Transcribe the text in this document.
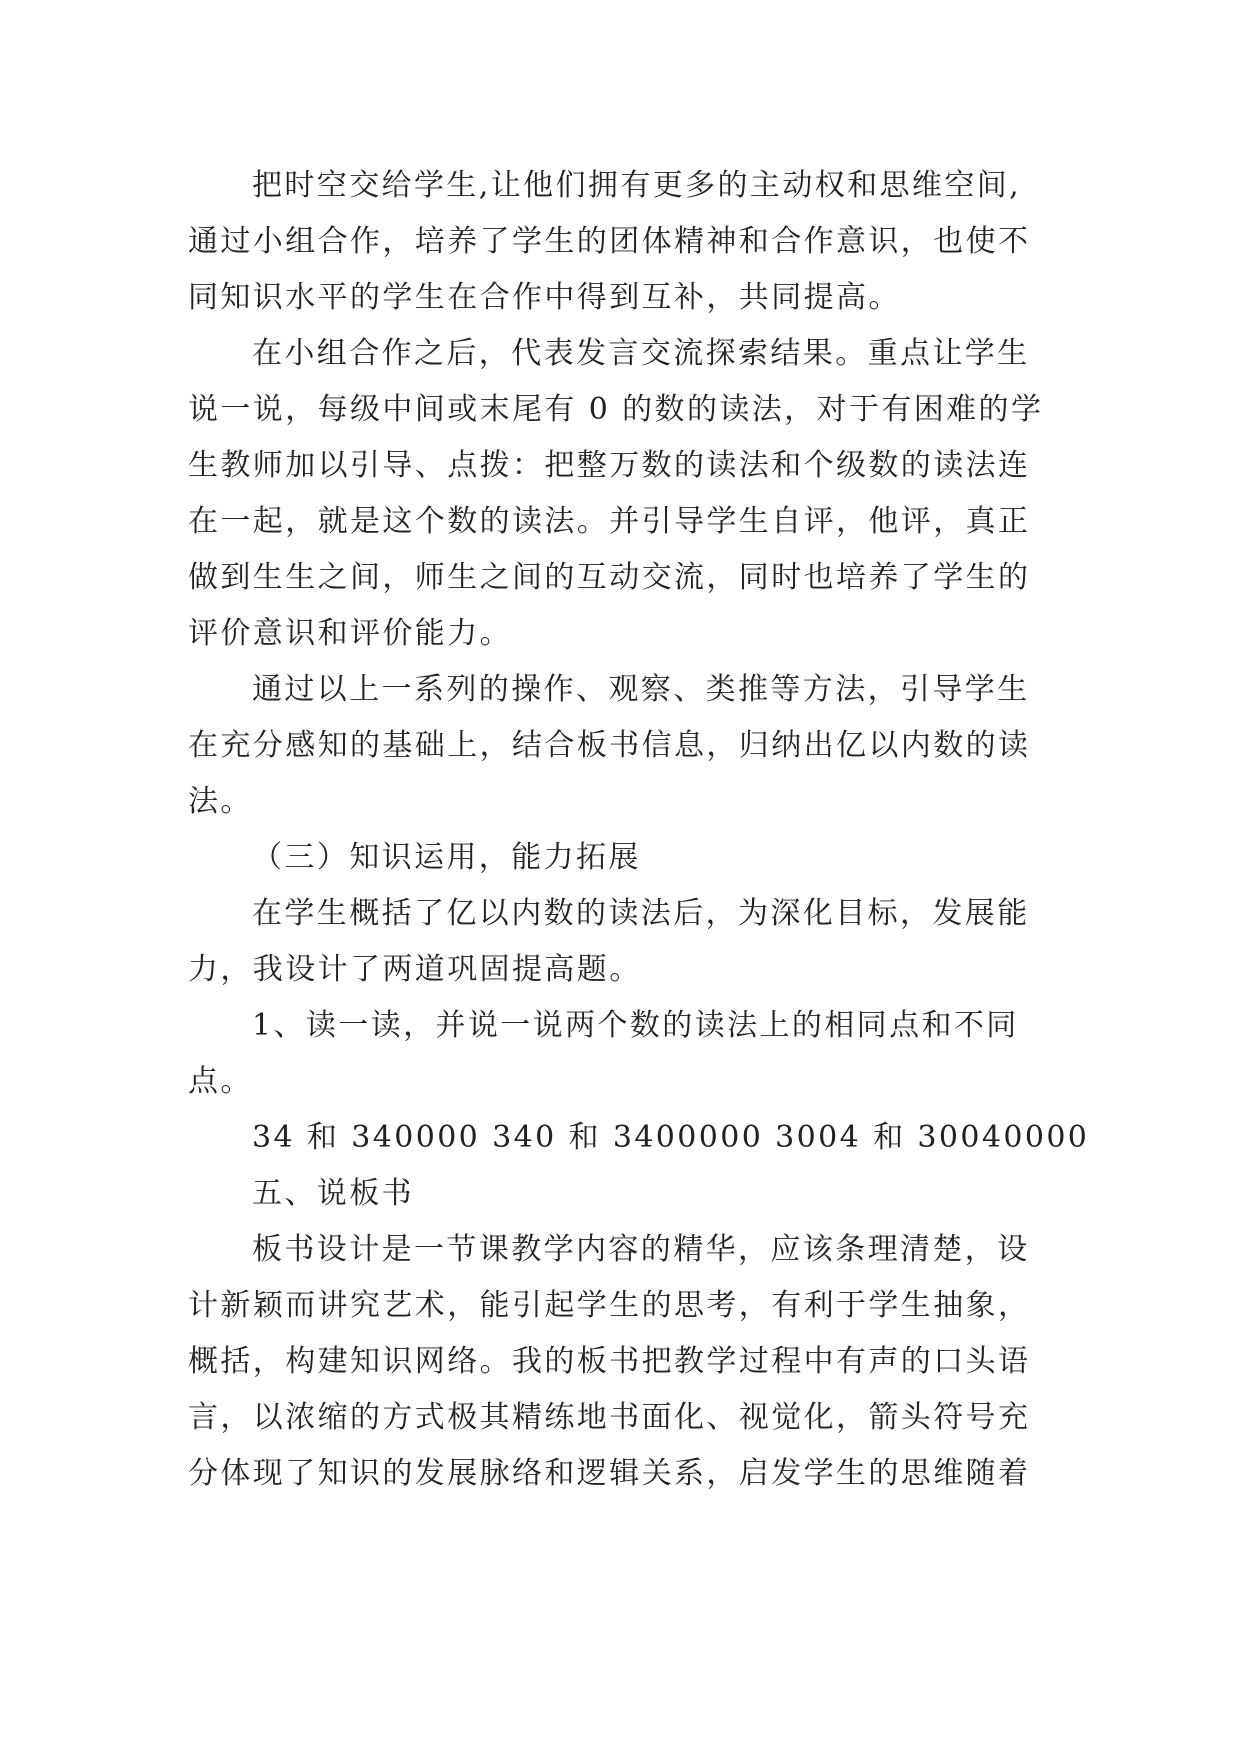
把时空交给学生,让他们拥有更多的主动权和思维空间,
通过小组合作，培养了学生的团体精神和合作意识，也使不
同知识水平的学生在合作中得到互补，共同提高。
在小组合作之后，代表发言交流探索结果。重点让学生
说一说，每级中间或末尾有 0 的数的读法，对于有困难的学
生教师加以引导、点拨：把整万数的读法和个级数的读法连
在一起，就是这个数的读法。并引导学生自评，他评，真正
做到生生之间，师生之间的互动交流，同时也培养了学生的
评价意识和评价能力。
通过以上一系列的操作、观察、类推等方法，引导学生
在充分感知的基础上，结合板书信息，归纳出亿以内数的读
法。
（三）知识运用，能力拓展
在学生概括了亿以内数的读法后，为深化目标，发展能
力，我设计了两道巩固提高题。
1、读一读，并说一说两个数的读法上的相同点和不同
点。
34 和 340000 340 和 3400000 3004 和 30040000
五、说板书
板书设计是一节课教学内容的精华，应该条理清楚，设
计新颖而讲究艺术，能引起学生的思考，有利于学生抽象，
概括，构建知识网络。我的板书把教学过程中有声的口头语
言，以浓缩的方式极其精练地书面化、视觉化，箭头符号充
分体现了知识的发展脉络和逻辑关系，启发学生的思维随着
